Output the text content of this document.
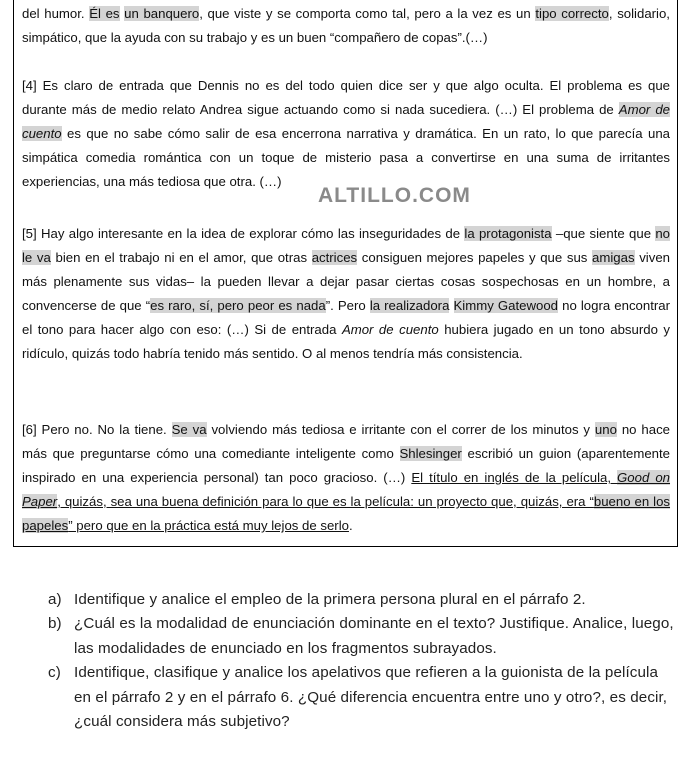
del humor. Él es un banquero, que viste y se comporta como tal, pero a la vez es un tipo correcto, solidario, simpático, que la ayuda con su trabajo y es un buen “compañero de copas”.(…)

[4] Es claro de entrada que Dennis no es del todo quien dice ser y que algo oculta. El problema es que durante más de medio relato Andrea sigue actuando como si nada sucediera. (…) El problema de Amor de cuento es que no sabe cómo salir de esa encerrona narrativa y dramática. En un rato, lo que parecía una simpática comedia romántica con un toque de misterio pasa a convertirse en una suma de irritantes experiencias, una más tediosa que otra. (…)

ALTILLO.COM

[5] Hay algo interesante en la idea de explorar cómo las inseguridades de la protagonista –que siente que no le va bien en el trabajo ni en el amor, que otras actrices consiguen mejores papeles y que sus amigas viven más plenamente sus vidas– la pueden llevar a dejar pasar ciertas cosas sospechosas en un hombre, a convencerse de que “es raro, sí, pero peor es nada”. Pero la realizadora Kimmy Gatewood no logra encontrar el tono para hacer algo con eso: (…) Si de entrada Amor de cuento hubiera jugado en un tono absurdo y ridículo, quizás todo habría tenido más sentido. O al menos tendría más consistencia.

[6] Pero no. No la tiene. Se va volviendo más tediosa e irritante con el correr de los minutos y uno no hace más que preguntarse cómo una comediante inteligente como Shlesinger escribió un guion (aparentemente inspirado en una experiencia personal) tan poco gracioso. (…) El título en inglés de la película, Good on Paper, quizás, sea una buena definición para lo que es la película: un proyecto que, quizás, era “bueno en los papeles” pero que en la práctica está muy lejos de serlo.

a) Identifique y analice el empleo de la primera persona plural en el párrafo 2.
b) ¿Cuál es la modalidad de enunciación dominante en el texto? Justifique. Analice, luego, las modalidades de enunciado en los fragmentos subrayados.
c) Identifique, clasifique y analice los apelativos que refieren a la guionista de la película en el párrafo 2 y en el párrafo 6. ¿Qué diferencia encuentra entre uno y otro?, es decir, ¿cuál considera más subjetivo?
